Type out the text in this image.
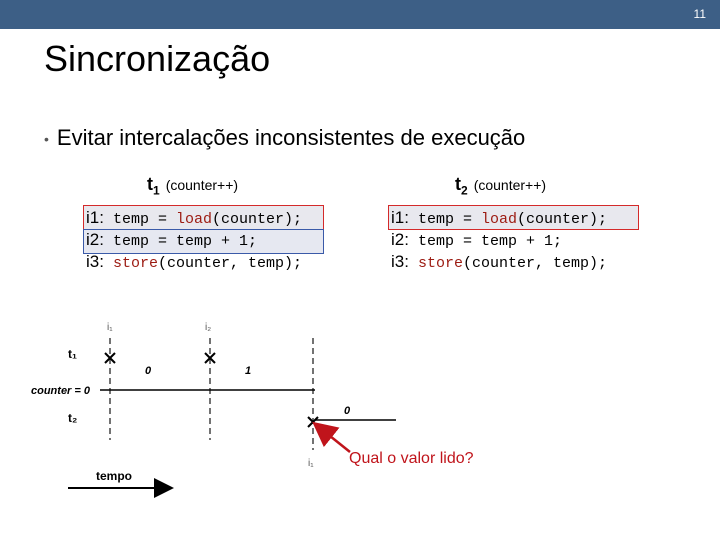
11
Sincronização
• Evitar intercalações inconsistentes de execução
$t_1$ (counter++)	$t_2$ (counter++)
i1: temp = load(counter);
i2: temp = temp + 1;
i3: store(counter, temp);
i1: temp = load(counter);
i2: temp = temp + 1;
i3: store(counter, temp);
i₁	i₂
i₁
t₁
counter = 0
t₂
0	1
0
tempo
Qual o valor lido?
